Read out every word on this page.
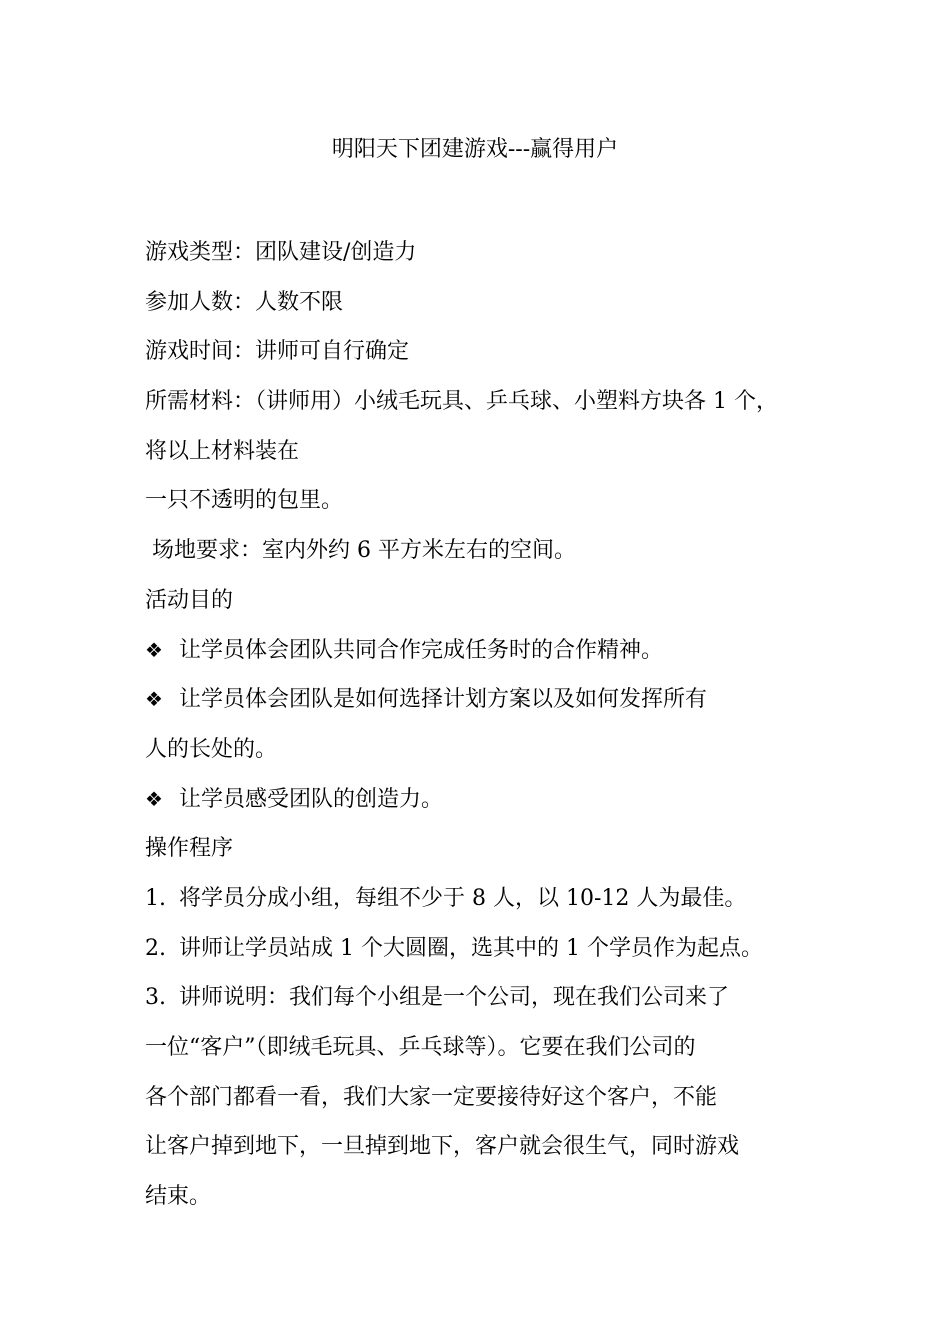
明阳天下团建游戏---赢得用户
游戏类型：团队建设/创造力
参加人数：人数不限
游戏时间：讲师可自行确定
所需材料：（讲师用）小绒毛玩具、乒乓球、小塑料方块各 1 个，
将以上材料装在
一只不透明的包里。
场地要求：室内外约 6 平方米左右的空间。
活动目的
❖ 让学员体会团队共同合作完成任务时的合作精神。
❖ 让学员体会团队是如何选择计划方案以及如何发挥所有
人的长处的。
❖ 让学员感受团队的创造力。
操作程序
1. 将学员分成小组，每组不少于 8 人，以 10-12 人为最佳。
2. 讲师让学员站成 1 个大圆圈，选其中的 1 个学员作为起点。
3. 讲师说明：我们每个小组是一个公司，现在我们公司来了
一位“客户”（即绒毛玩具、乒乓球等）。它要在我们公司的
各个部门都看一看，我们大家一定要接待好这个客户，不能
让客户掉到地下，一旦掉到地下，客户就会很生气，同时游戏
结束。
